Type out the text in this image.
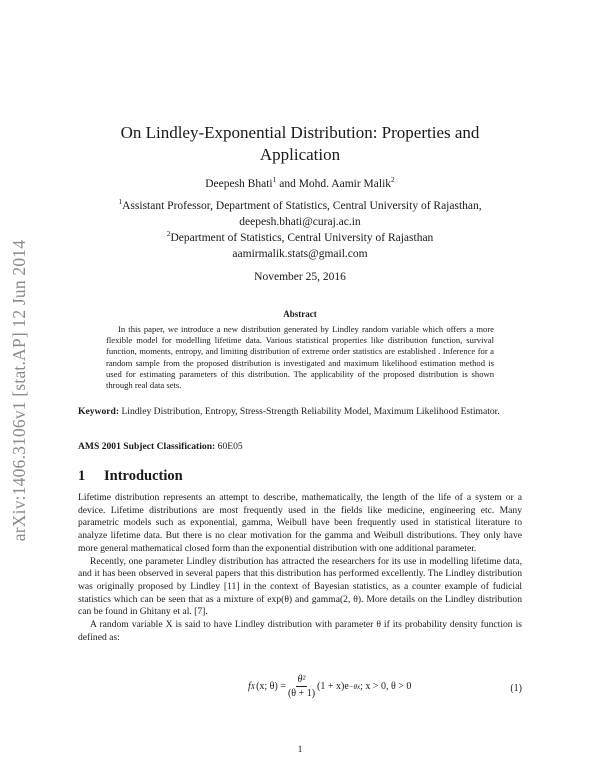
arXiv:1406.3106v1 [stat.AP] 12 Jun 2014
On Lindley-Exponential Distribution: Properties and
Application
Deepesh Bhati$^1$ and Mohd. Aamir Malik$^2$
$^1$Assistant Professor, Department of Statistics, Central University of Rajasthan,
deepesh.bhati@curaj.ac.in
$^2$Department of Statistics, Central University of Rajasthan
aamirmalik.stats@gmail.com
November 25, 2016
Abstract
In this paper, we introduce a new distribution generated by Lindley random variable which offers a more flexible model for modelling lifetime data. Various statistical properties like distribution function, survival function, moments, entropy, and limiting distribution of extreme order statistics are established . Inference for a random sample from the proposed distribution is investigated and maximum likelihood estimation method is used for estimating parameters of this distribution. The applicability of the proposed distribution is shown through real data sets.
Keyword: Lindley Distribution, Entropy, Stress-Strength Reliability Model, Maximum Likelihood Estimator.
AMS 2001 Subject Classification: 60E05
1 Introduction

Lifetime distribution represents an attempt to describe, mathematically, the length of the life of a system or a device. Lifetime distributions are most frequently used in the fields like medicine, engineering etc. Many parametric models such as exponential, gamma, Weibull have been frequently used in statistical literature to analyze lifetime data. But there is no clear motivation for the gamma and Weibull distributions. They only have more general mathematical closed form than the exponential distribution with one additional parameter.

Recently, one parameter Lindley distribution has attracted the researchers for its use in modelling lifetime data, and it has been observed in several papers that this distribution has performed excellently. The Lindley distribution was originally proposed by Lindley [11] in the context of Bayesian statistics, as a counter example of fudicial statistics which can be seen that as a mixture of exp(θ) and gamma(2, θ). More details on the Lindley distribution can be found in Ghitany et al. [7].

A random variable X is said to have Lindley distribution with parameter θ if its probability density function is defined as:

f X (x; $\theta) = \frac{\text{θ²}}{(\theta + 1)} (1 + x)e -\theta x$ ; x > 0, θ > 0	(1)
1
